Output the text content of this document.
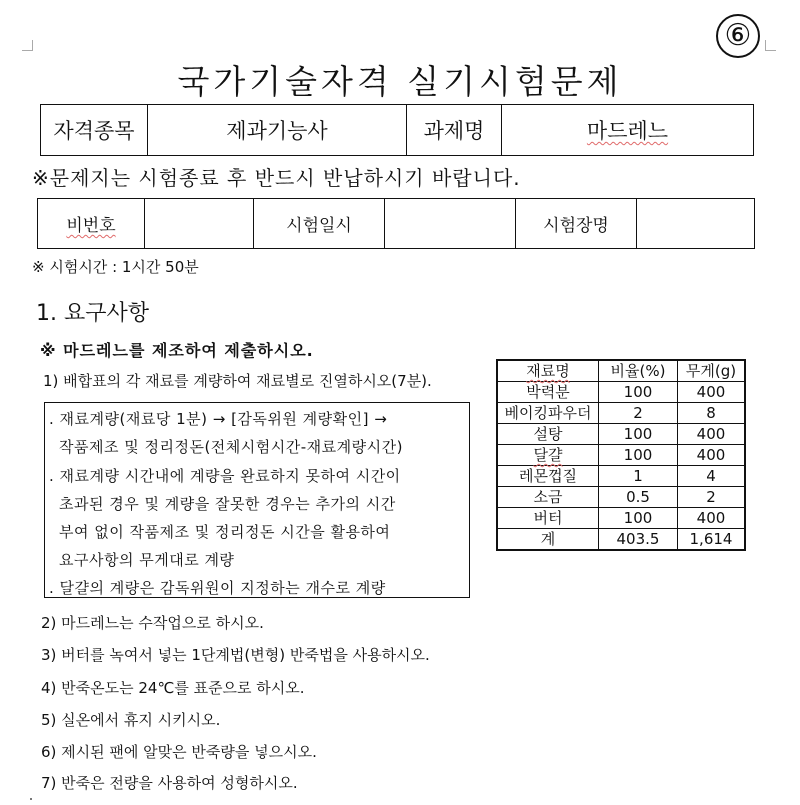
⑥
국가기술자격 실기시험문제
자격종목	제과기능사	과제명	마드레느
※문제지는 시험종료 후 반드시 반납하시기 바랍니다.
비번호		시험일시		시험장명	
※ 시험시간 : 1시간 50분
1. 요구사항
※ 마드레느를 제조하여 제출하시오.
1) 배합표의 각 재료를 계량하여 재료별로 진열하시오(7분).
. 재료계량(재료당 1분) → [감독위원 계량확인] →
작품제조 및 정리정돈(전체시험시간-재료계량시간)
. 재료계량 시간내에 계량을 완료하지 못하여 시간이
초과된 경우 및 계량을 잘못한 경우는 추가의 시간
부여 없이 작품제조 및 정리정돈 시간을 활용하여
요구사항의 무게대로 계량
. 달걀의 계량은 감독위원이 지정하는 개수로 계량
재료명	비율(%)	무게(g)
박력분	100	400
베이킹파우더	2	8
설탕	100	400
달걀	100	400
레몬껍질	1	4
소금	0.5	2
버터	100	400
계	403.5	1,614
2) 마드레느는 수작업으로 하시오.
3) 버터를 녹여서 넣는 1단계법(변형) 반죽법을 사용하시오.
4) 반죽온도는 24℃를 표준으로 하시오.
5) 실온에서 휴지 시키시오.
6) 제시된 팬에 알맞은 반죽량을 넣으시오.
7) 반죽은 전량을 사용하여 성형하시오.
